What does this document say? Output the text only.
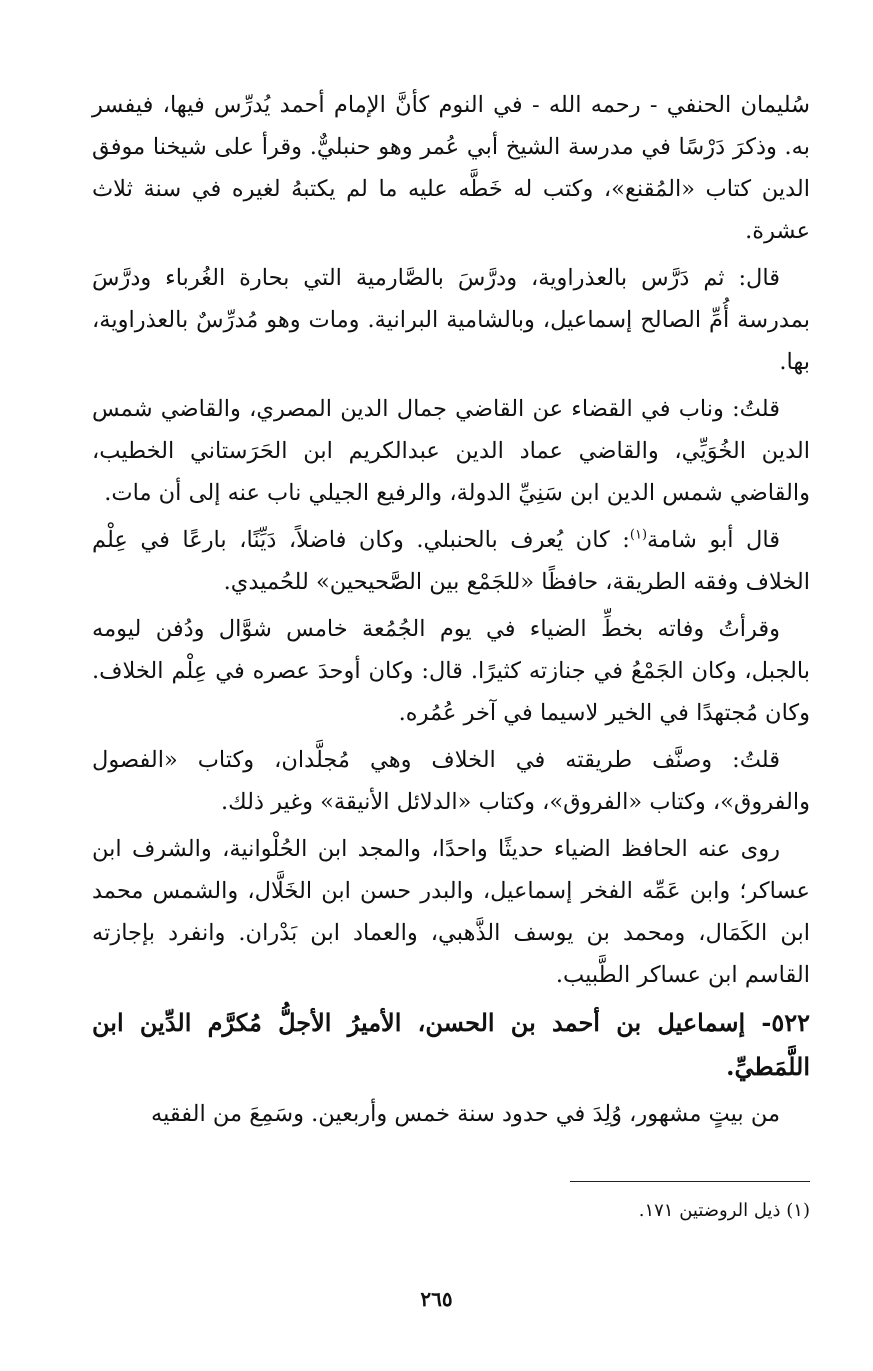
سُليمان الحنفي - رحمه الله - في النوم كأنَّ الإمام أحمد يُدرِّس فيها، فيفسر به. وذكرَ دَرْسًا في مدرسة الشيخ أبي عُمر وهو حنبليٌّ. وقرأ على شيخنا موفق الدين كتاب «المُقنع»، وكتب له خَطَّه عليه ما لم يكتبهُ لغيره في سنة ثلاث عشرة.

قال: ثم دَرَّس بالعذراوية، ودرَّسَ بالصَّارمية التي بحارة الغُرباء ودرَّسَ بمدرسة أُمِّ الصالح إسماعيل، وبالشامية البرانية. ومات وهو مُدرِّسٌ بالعذراوية، بها.

قلتُ: وناب في القضاء عن القاضي جمال الدين المصري، والقاضي شمس الدين الخُوَيِّي، والقاضي عماد الدين عبدالكريم ابن الحَرَستاني الخطيب، والقاضي شمس الدين ابن سَنِيِّ الدولة، والرفيع الجيلي ناب عنه إلى أن مات.

قال أبو شامة$^{(١)}$: كان يُعرف بالحنبلي. وكان فاضلاً، دَيِّنًا، بارعًا في عِلْم الخلاف وفقه الطريقة، حافظًا «للجَمْع بين الصَّحيحين» للحُميدي.

وقرأتُ وفاته بخطِّ الضياء في يوم الجُمُعة خامس شوَّال ودُفن ليومه بالجبل، وكان الجَمْعُ في جنازته كثيرًا. قال: وكان أوحدَ عصره في عِلْم الخلاف. وكان مُجتهدًا في الخير لاسيما في آخر عُمُره.

قلتُ: وصنَّف طريقته في الخلاف وهي مُجلَّدان، وكتاب «الفصول والفروق»، وكتاب «الفروق»، وكتاب «الدلائل الأنيقة» وغير ذلك.

روى عنه الحافظ الضياء حديثًا واحدًا، والمجد ابن الحُلْوانية، والشرف ابن عساكر؛ وابن عَمِّه الفخر إسماعيل، والبدر حسن ابن الخَلَّال، والشمس محمد ابن الكَمَال، ومحمد بن يوسف الذَّهبي، والعماد ابن بَدْران. وانفرد بإجازته القاسم ابن عساكر الطَّبيب.

٥٢٢- إسماعيل بن أحمد بن الحسن، الأميرُ الأجلُّ مُكرَّم الدِّين ابن اللَّمَطيِّ.

من بيتٍ مشهور، وُلِدَ في حدود سنة خمس وأربعين. وسَمِعَ من الفقيه

(١) ذيل الروضتين ١٧١.
٢٦٥
